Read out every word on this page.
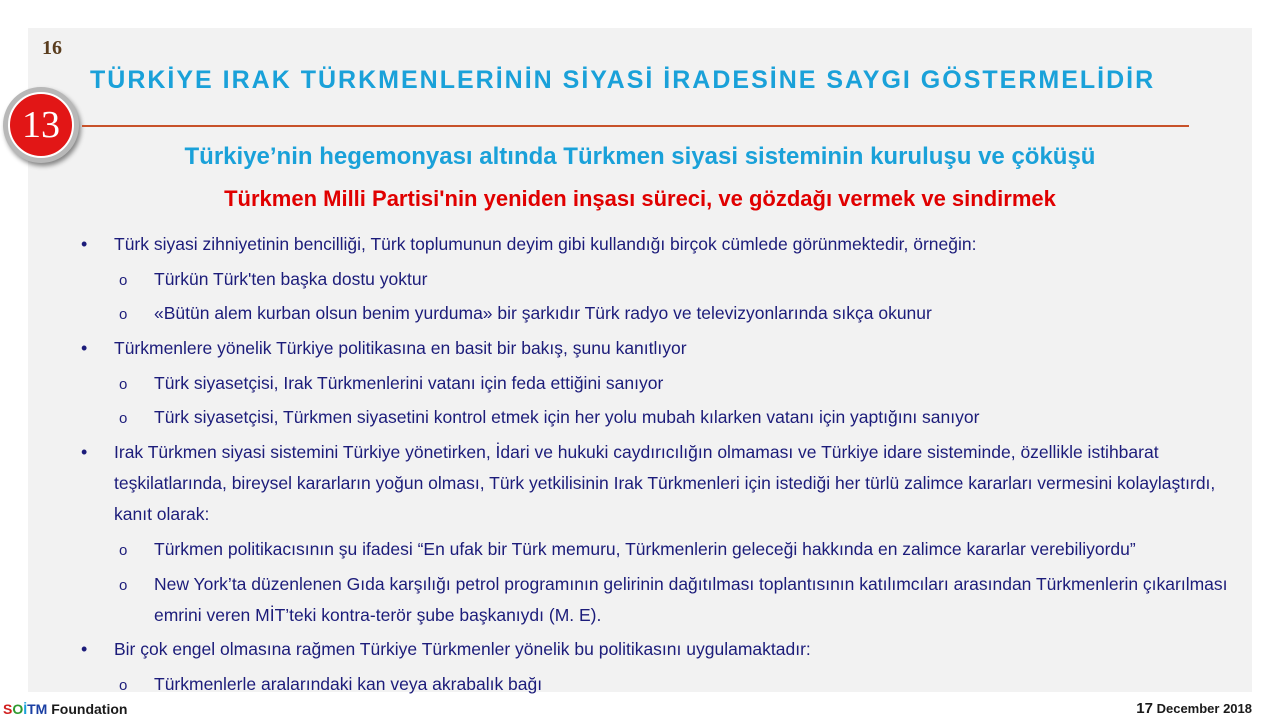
16
TÜRKİYE IRAK TÜRKMENLERİNİN SİYASİ İRADESİNE SAYGI GÖSTERMELİDİR
13
Türkiye’nin hegemonyası altında Türkmen siyasi sisteminin kuruluşu ve çöküşü
Türkmen Milli Partisi'nin yeniden inşası süreci, ve gözdağı vermek ve sindirmek
• Türk siyasi zihniyetinin bencilliği, Türk toplumunun deyim gibi kullandığı birçok cümlede görünmektedir, örneğin:
o Türkün Türk'ten başka dostu yoktur
o «Bütün alem kurban olsun benim yurduma» bir şarkıdır Türk radyo ve televizyonlarında sıkça okunur
• Türkmenlere yönelik Türkiye politikasına en basit bir bakış, şunu kanıtlıyor
o Türk siyasetçisi, Irak Türkmenlerini vatanı için feda ettiğini sanıyor
o Türk siyasetçisi, Türkmen siyasetini kontrol etmek için her yolu mubah kılarken vatanı için yaptığını sanıyor
• Irak Türkmen siyasi sistemini Türkiye yönetirken, İdari ve hukuki caydırıcılığın olmaması ve Türkiye idare sisteminde, özellikle istihbarat teşkilatlarında, bireysel kararların yoğun olması, Türk yetkilisinin Irak Türkmenleri için istediği her türlü zalimce kararları vermesini kolaylaştırdı, kanıt olarak:
o Türkmen politikacısının şu ifadesi “En ufak bir Türk memuru, Türkmenlerin geleceği hakkında en zalimce kararlar verebiliyordu”
o New York’ta düzenlenen Gıda karşılığı petrol programının gelirinin dağıtılması toplantısının katılımcıları arasından Türkmenlerin çıkarılması emrini veren MİT’teki kontra-terör şube başkanıydı (M. E).
• Bir çok engel olmasına rağmen Türkiye Türkmenler yönelik bu politikasını uygulamaktadır:
o Türkmenlerle aralarındaki kan veya akrabalık bağı
SOİTM Foundation	17 December 2018
